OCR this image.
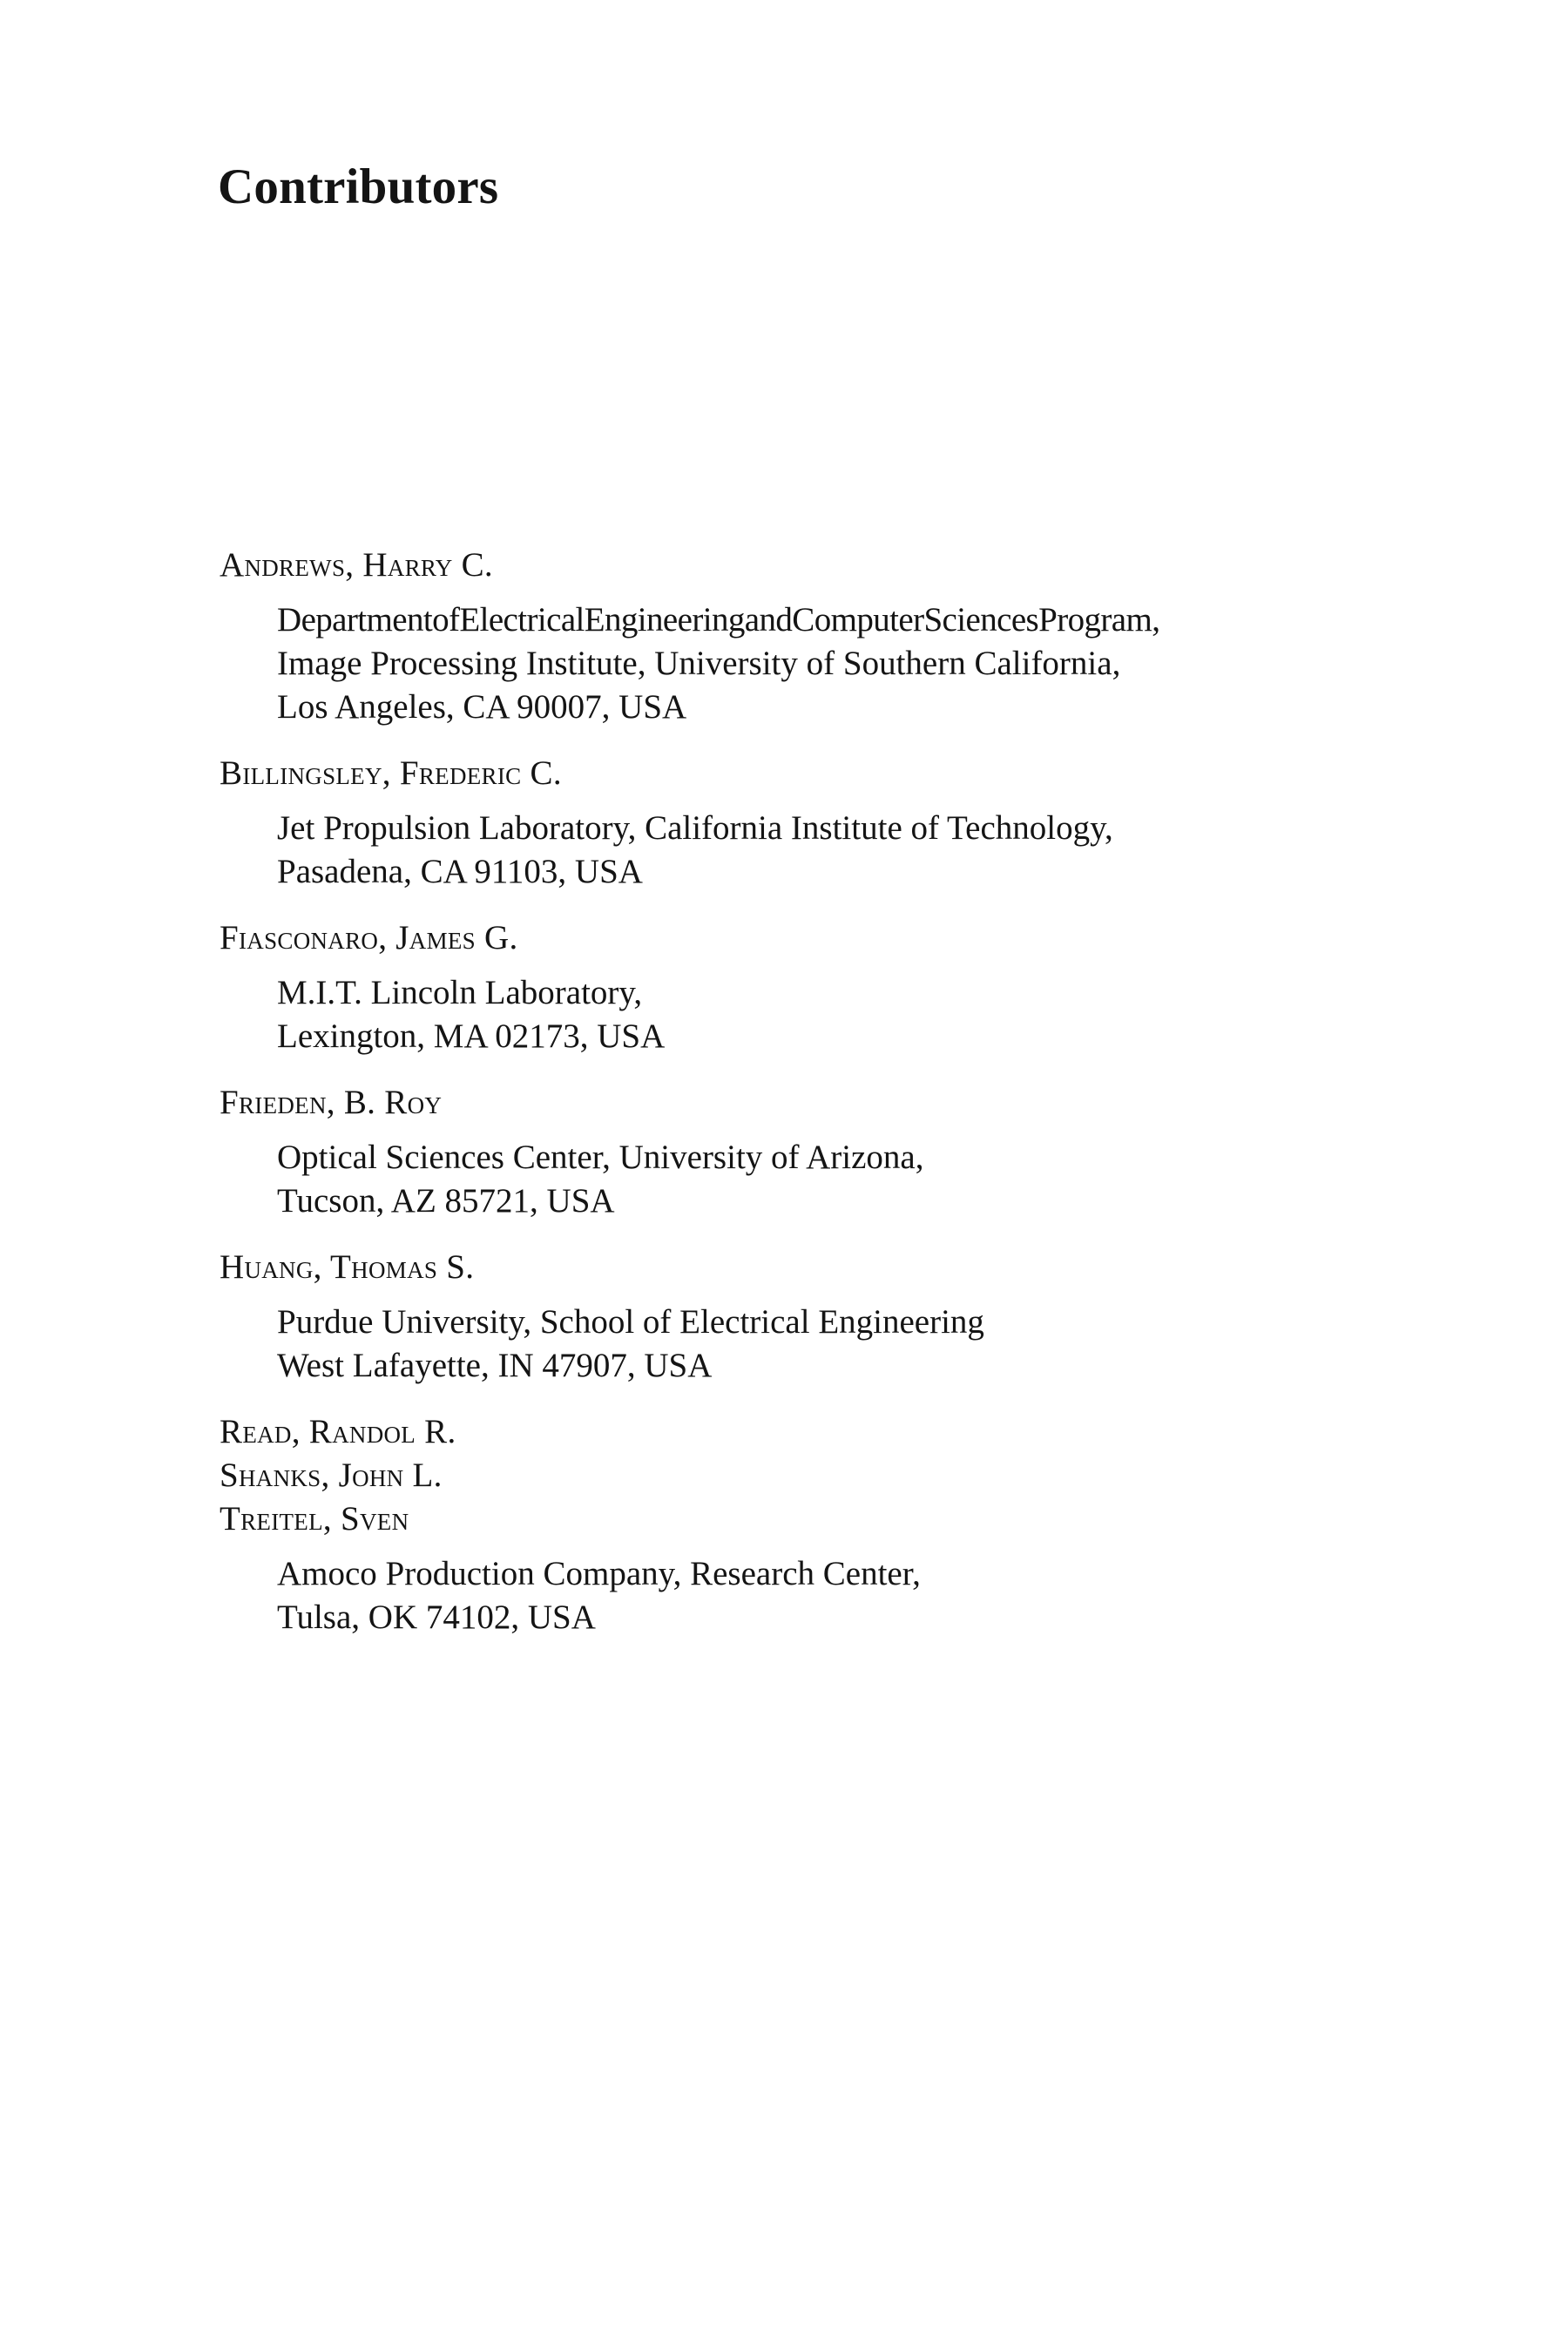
Contributors
Andrews, Harry C.
DepartmentofElectricalEngineeringandComputerSciencesProgram,
Image Processing Institute, University of Southern California,
Los Angeles, CA 90007, USA
Billingsley, Frederic C.
Jet Propulsion Laboratory, California Institute of Technology,
Pasadena, CA 91103, USA
Fiasconaro, James G.
M.I.T. Lincoln Laboratory,
Lexington, MA 02173, USA
Frieden, B. Roy
Optical Sciences Center, University of Arizona,
Tucson, AZ 85721, USA
Huang, Thomas S.
Purdue University, School of Electrical Engineering
West Lafayette, IN 47907, USA
Read, Randol R.
Shanks, John L.
Treitel, Sven
Amoco Production Company, Research Center,
Tulsa, OK 74102, USA
